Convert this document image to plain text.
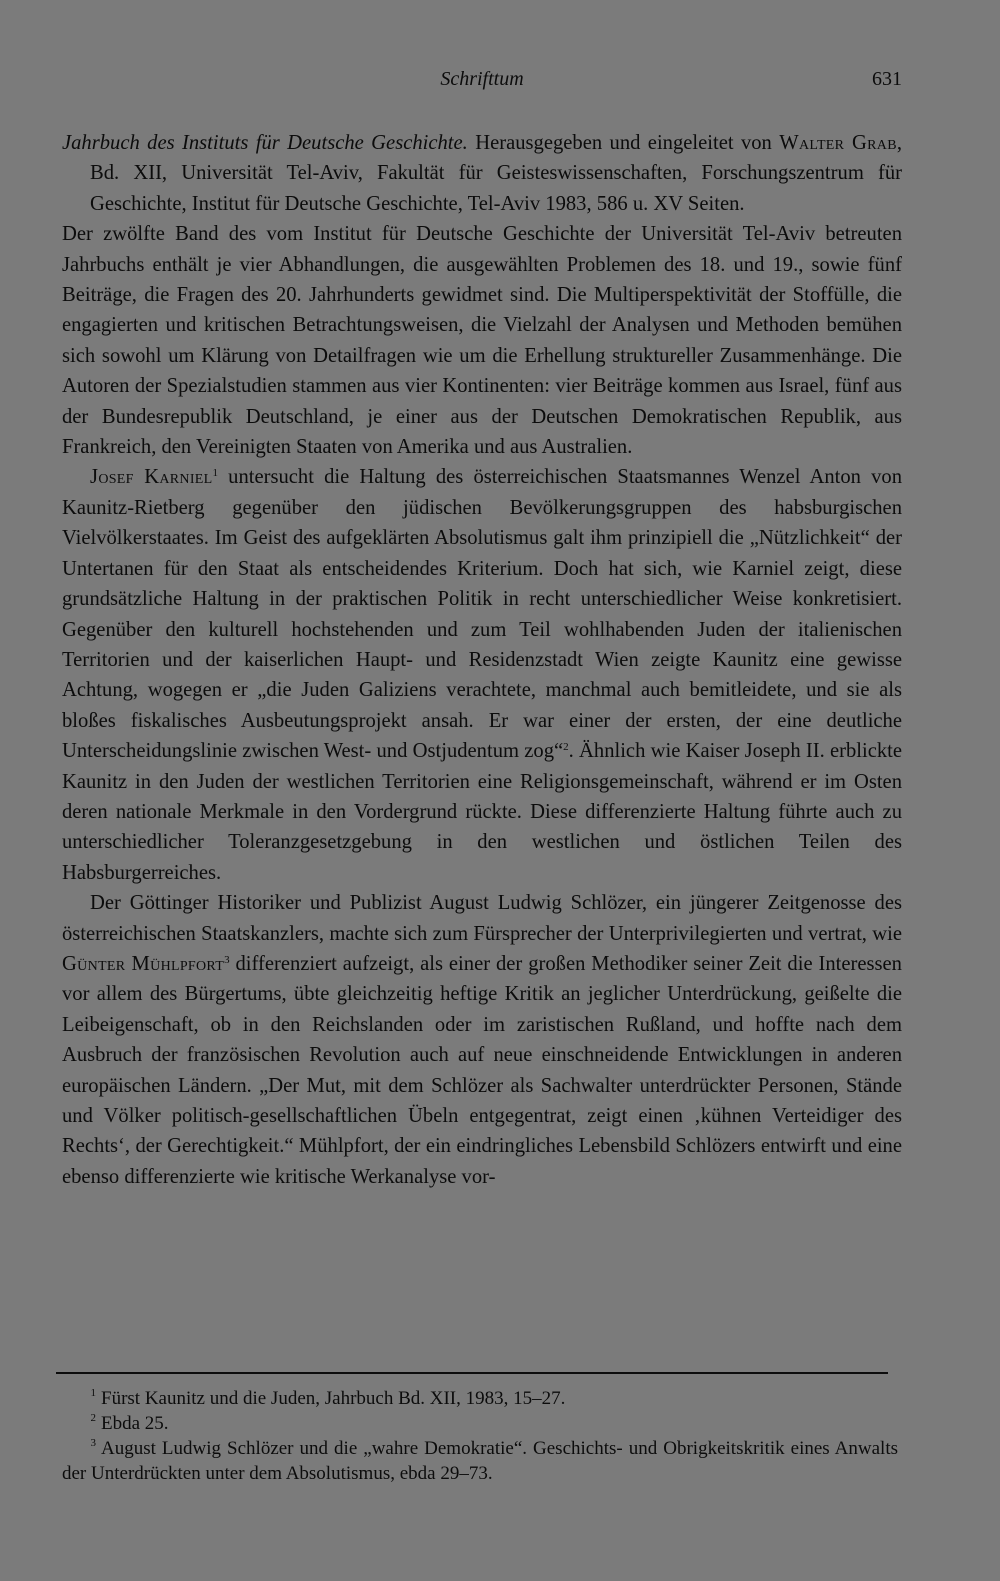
Schrifttum	631

Jahrbuch des Instituts für Deutsche Geschichte. Herausgegeben und eingeleitet von Walter Grab, Bd. XII, Universität Tel-Aviv, Fakultät für Geisteswissenschaften, Forschungszentrum für Geschichte, Institut für Deutsche Geschichte, Tel-Aviv 1983, 586 u. XV Seiten.

Der zwölfte Band des vom Institut für Deutsche Geschichte der Universität Tel-Aviv betreuten Jahrbuchs enthält je vier Abhandlungen, die ausgewählten Problemen des 18. und 19., sowie fünf Beiträge, die Fragen des 20. Jahrhunderts gewidmet sind. Die Multiperspektivität der Stoffülle, die engagierten und kritischen Betrachtungsweisen, die Vielzahl der Analysen und Methoden bemühen sich sowohl um Klärung von Detailfragen wie um die Erhellung struktureller Zusammenhänge. Die Autoren der Spezialstudien stammen aus vier Kontinenten: vier Beiträge kommen aus Israel, fünf aus der Bundesrepublik Deutschland, je einer aus der Deutschen Demokratischen Republik, aus Frankreich, den Vereinigten Staaten von Amerika und aus Australien.

Josef Karniel$^1$ untersucht die Haltung des österreichischen Staatsmannes Wenzel Anton von Kaunitz-Rietberg gegenüber den jüdischen Bevölkerungsgruppen des habsburgischen Vielvölkerstaates. Im Geist des aufgeklärten Absolutismus galt ihm prinzipiell die „Nützlichkeit“ der Untertanen für den Staat als entscheidendes Kriterium. Doch hat sich, wie Karniel zeigt, diese grundsätzliche Haltung in der praktischen Politik in recht unterschiedlicher Weise konkretisiert. Gegenüber den kulturell hochstehenden und zum Teil wohlhabenden Juden der italienischen Territorien und der kaiserlichen Haupt- und Residenzstadt Wien zeigte Kaunitz eine gewisse Achtung, wogegen er „die Juden Galiziens verachtete, manchmal auch bemitleidete, und sie als bloßes fiskalisches Ausbeutungsprojekt ansah. Er war einer der ersten, der eine deutliche Unterscheidungslinie zwischen West- und Ostjudentum zog“$^2$. Ähnlich wie Kaiser Joseph II. erblickte Kaunitz in den Juden der westlichen Territorien eine Religionsgemeinschaft, während er im Osten deren nationale Merkmale in den Vordergrund rückte. Diese differenzierte Haltung führte auch zu unterschiedlicher Toleranzgesetzgebung in den westlichen und östlichen Teilen des Habsburgerreiches.

Der Göttinger Historiker und Publizist August Ludwig Schlözer, ein jüngerer Zeitgenosse des österreichischen Staatskanzlers, machte sich zum Fürsprecher der Unterprivilegierten und vertrat, wie Günter Mühlpfort$^3$ differenziert aufzeigt, als einer der großen Methodiker seiner Zeit die Interessen vor allem des Bürgertums, übte gleichzeitig heftige Kritik an jeglicher Unterdrückung, geißelte die Leibeigenschaft, ob in den Reichslanden oder im zaristischen Rußland, und hoffte nach dem Ausbruch der französischen Revolution auch auf neue einschneidende Entwicklungen in anderen europäischen Ländern. „Der Mut, mit dem Schlözer als Sachwalter unterdrückter Personen, Stände und Völker politisch-gesellschaftlichen Übeln entgegentrat, zeigt einen ‚kühnen Verteidiger des Rechts‘, der Gerechtigkeit.“ Mühlpfort, der ein eindringliches Lebensbild Schlözers entwirft und eine ebenso differenzierte wie kritische Werkanalyse vor-

1 Fürst Kaunitz und die Juden, Jahrbuch Bd. XII, 1983, 15–27.

2 Ebda 25.

3 August Ludwig Schlözer und die „wahre Demokratie“. Geschichts- und Obrigkeitskritik eines Anwalts der Unterdrückten unter dem Absolutismus, ebda 29–73.
